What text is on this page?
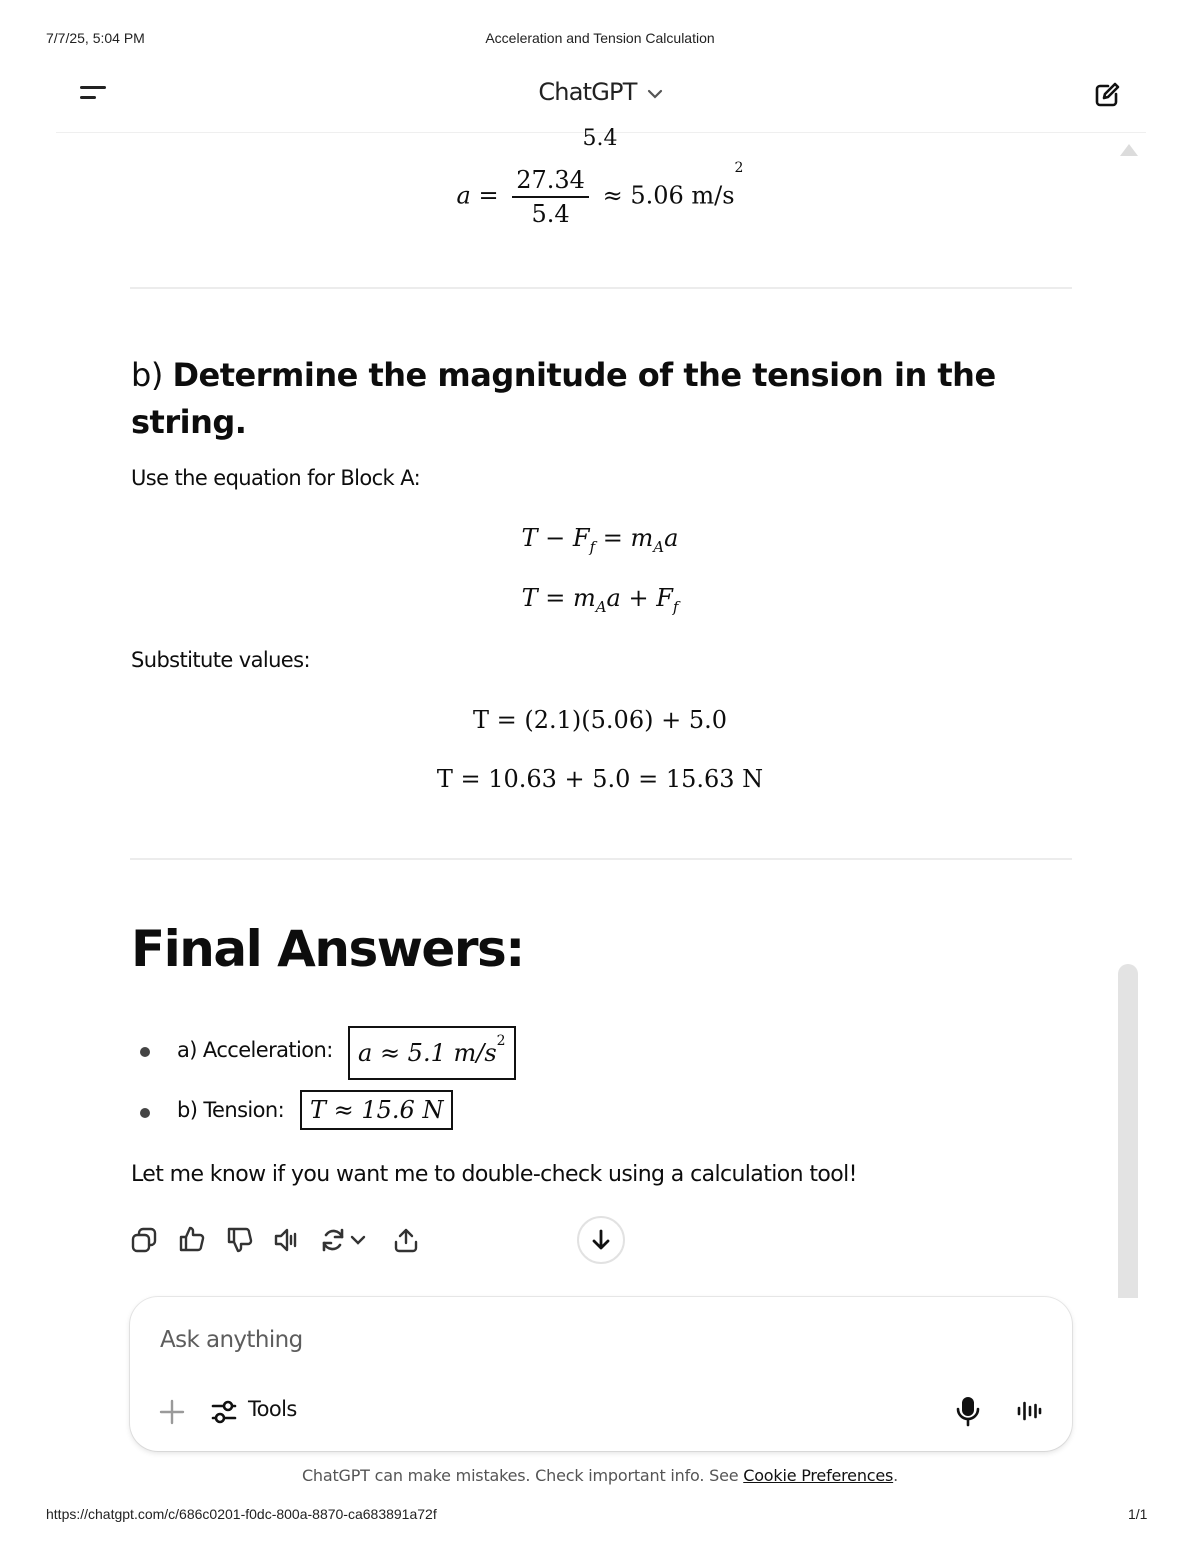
7/7/25, 5:04 PM	Acceleration and Tension Calculation
ChatGPT
5.4
$a = \frac{27.34}{5.4} \approx 5.06$ $m/s^2$
b) Determine the magnitude of the tension in the string.
Use the equation for Block A:
$T - F_f = m_Aa$
$T = m_Aa + F_f$
Substitute values:
T = (2.1)(5.06) + 5.0
T = 10.63 + 5.0 = 15.63 N
Final Answers:
a) Acceleration:	a ≈ 5.1 $m/s^2$
b) Tension:	T ≈ 15.6 N
Let me know if you want me to double-check using a calculation tool!
Ask anything
Tools
ChatGPT can make mistakes. Check important info. See Cookie Preferences.
https://chatgpt.com/c/686c0201-f0dc-800a-8870-ca683891a72f	1/1
